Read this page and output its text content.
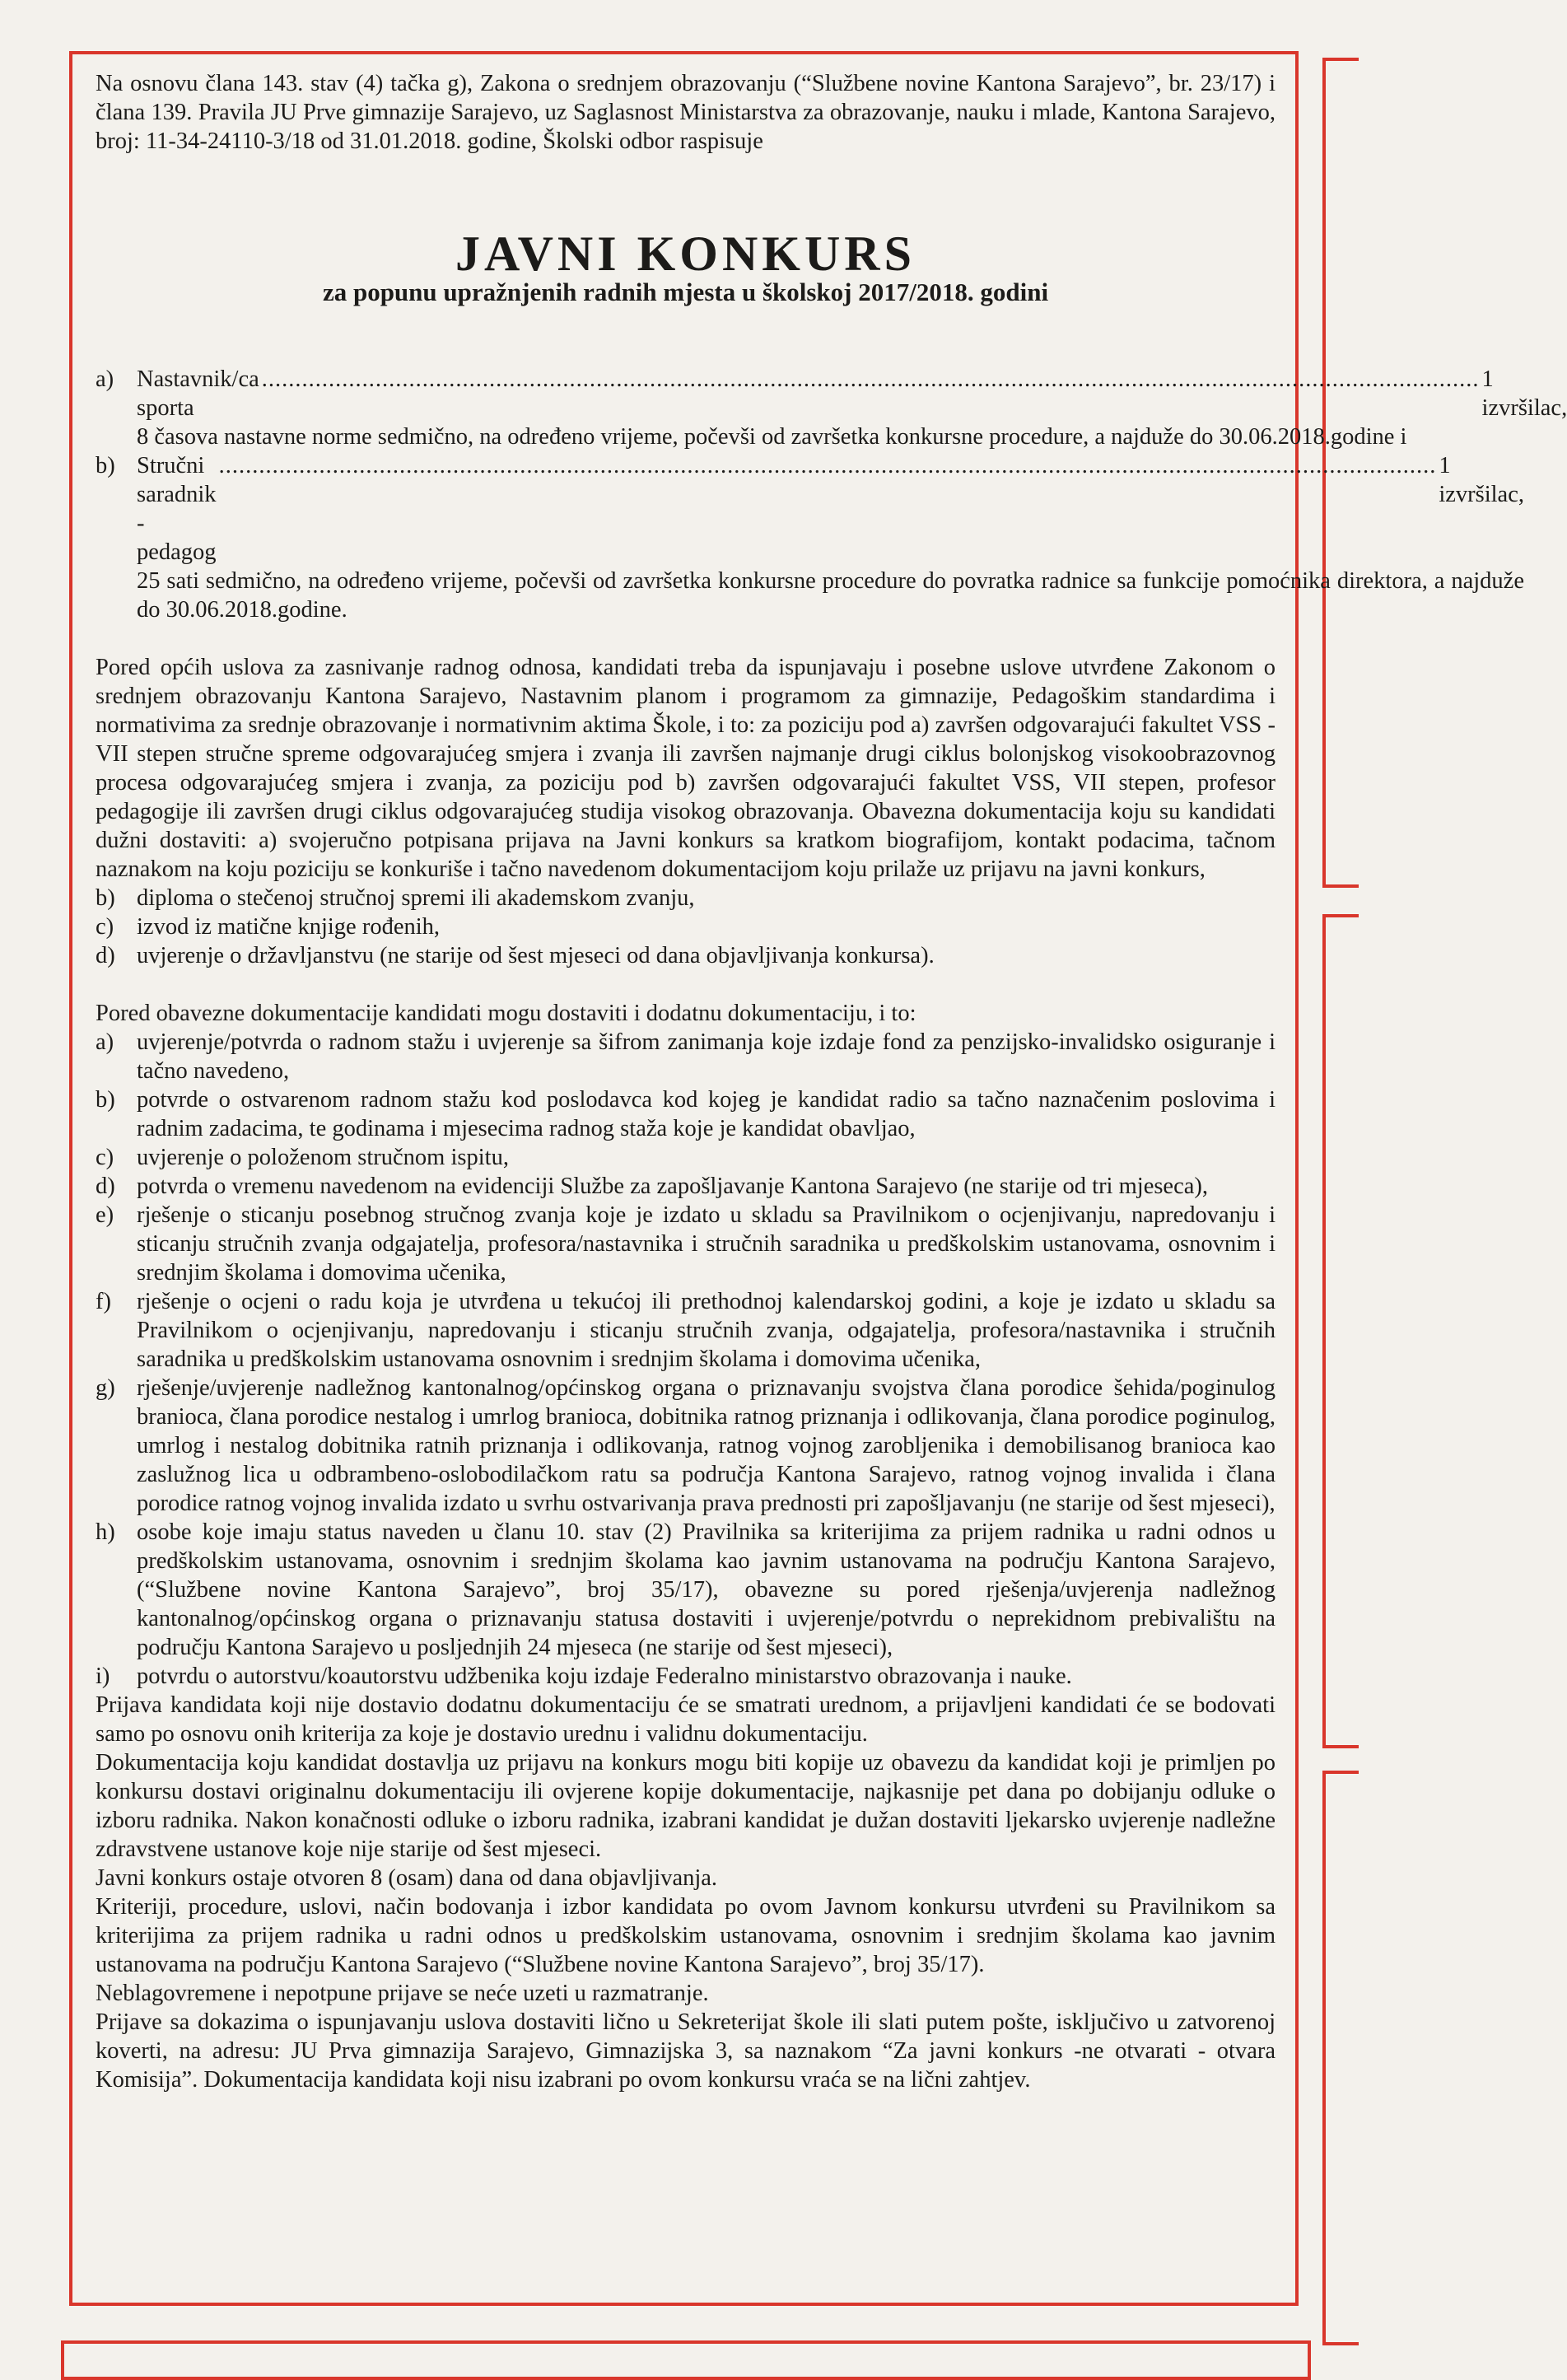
Na osnovu člana 143. stav (4) tačka g), Zakona o srednjem obrazovanju (“Službene novine Kantona Sarajevo”, br. 23/17) i člana 139. Pravila JU Prve gimnazije Sarajevo, uz Saglasnost Ministarstva za obrazovanje, nauku i mlade, Kantona Sarajevo, broj: 11-34-24110-3/18 od 31.01.2018. godine, Školski odbor raspisuje

JAVNI KONKURS
za popunu upražnjenih radnih mjesta u školskoj 2017/2018. godini
a) Nastavnik/ca sporta
...................................................................................................................................................................................... 1 izvršilac,
8 časova nastavne norme sedmično, na određeno vrijeme, počevši od završetka konkursne procedure, a najduže do 30.06.2018.godine i
b) Stručni saradnik - pedagog
...................................................................................................................................................................................... 1 izvršilac,
25 sati sedmično, na određeno vrijeme, počevši od završetka konkursne procedure do povratka radnice sa funkcije pomoćnika direktora, a najduže do 30.06.2018.godine.

Pored općih uslova za zasnivanje radnog odnosa, kandidati treba da ispunjavaju i posebne uslove utvrđene Zakonom o srednjem obrazovanju Kantona Sarajevo, Nastavnim planom i programom za gimnazije, Pedagoškim standardima i normativima za srednje obrazovanje i normativnim aktima Škole, i to: za poziciju pod a) završen odgovarajući fakultet VSS - VII stepen stručne spreme odgovarajućeg smjera i zvanja ili završen najmanje drugi ciklus bolonjskog visokoobrazovnog procesa odgovarajućeg smjera i zvanja, za poziciju pod b) završen odgovarajući fakultet VSS, VII stepen, profesor pedagogije ili završen drugi ciklus odgovarajućeg studija visokog obrazovanja. Obavezna dokumentacija koju su kandidati dužni dostaviti: a) svojeručno potpisana prijava na Javni konkurs sa kratkom biografijom, kontakt podacima, tačnom naznakom na koju poziciju se konkuriše i tačno navedenom dokumentacijom koju prilaže uz prijavu na javni konkurs,

b) diploma o stečenoj stručnoj spremi ili akademskom zvanju,
c) izvod iz matične knjige rođenih,
d) uvjerenje o državljanstvu (ne starije od šest mjeseci od dana objavljivanja konkursa).

Pored obavezne dokumentacije kandidati mogu dostaviti i dodatnu dokumentaciju, i to:

a) uvjerenje/potvrda o radnom stažu i uvjerenje sa šifrom zanimanja koje izdaje fond za penzijsko-invalidsko osiguranje i tačno navedeno,
b) potvrde o ostvarenom radnom stažu kod poslodavca kod kojeg je kandidat radio sa tačno naznačenim poslovima i radnim zadacima, te godinama i mjesecima radnog staža koje je kandidat obavljao,
c) uvjerenje o položenom stručnom ispitu,
d) potvrda o vremenu navedenom na evidenciji Službe za zapošljavanje Kantona Sarajevo (ne starije od tri mjeseca),
e) rješenje o sticanju posebnog stručnog zvanja koje je izdato u skladu sa Pravilnikom o ocjenjivanju, napredovanju i sticanju stručnih zvanja odgajatelja, profesora/nastavnika i stručnih saradnika u predškolskim ustanovama, osnovnim i srednjim školama i domovima učenika,
f)	rješenje o ocjeni o radu koja je utvrđena u tekućoj ili prethodnoj kalendarskoj godini, a koje je izdato u skladu sa Pravilnikom o ocjenjivanju, napredovanju i sticanju stručnih zvanja, odgajatelja, profesora/nastavnika i stručnih saradnika u predškolskim ustanovama osnovnim i srednjim školama i domovima učenika,
g) rješenje/uvjerenje nadležnog kantonalnog/općinskog organa o priznavanju svojstva člana porodice šehida/poginulog branioca, člana porodice nestalog i umrlog branioca, dobitnika ratnog priznanja i odlikovanja, člana porodice poginulog, umrlog i nestalog dobitnika ratnih priznanja i odlikovanja, ratnog vojnog zarobljenika i demobilisanog branioca kao zaslužnog lica u odbrambeno-oslobodilačkom ratu sa područja Kantona Sarajevo, ratnog vojnog invalida i člana porodice ratnog vojnog invalida izdato u svrhu ostvarivanja prava prednosti pri zapošljavanju (ne starije od šest mjeseci),
h) osobe koje imaju status naveden u članu 10. stav (2) Pravilnika sa kriterijima za prijem radnika u radni odnos u predškolskim ustanovama, osnovnim i srednjim školama kao javnim ustanovama na području Kantona Sarajevo, (“Službene novine Kantona Sarajevo”, broj 35/17), obavezne su pored rješenja/uvjerenja nadležnog kantonalnog/općinskog organa o priznavanju statusa dostaviti i uvjerenje/potvrdu o neprekidnom prebivalištu na području Kantona Sarajevo u posljednjih 24 mjeseca (ne starije od šest mjeseci),
i)	potvrdu o autorstvu/koautorstvu udžbenika koju izdaje Federalno ministarstvo obrazovanja i nauke.

Prijava kandidata koji nije dostavio dodatnu dokumentaciju će se smatrati urednom, a prijavljeni kandidati će se bodovati samo po osnovu onih kriterija za koje je dostavio urednu i validnu dokumentaciju.

Dokumentacija koju kandidat dostavlja uz prijavu na konkurs mogu biti kopije uz obavezu da kandidat koji je primljen po konkursu dostavi originalnu dokumentaciju ili ovjerene kopije dokumentacije, najkasnije pet dana po dobijanju odluke o izboru radnika. Nakon konačnosti odluke o izboru radnika, izabrani kandidat je dužan dostaviti ljekarsko uvjerenje nadležne zdravstvene ustanove koje nije starije od šest mjeseci.

Javni konkurs ostaje otvoren 8 (osam) dana od dana objavljivanja.

Kriteriji, procedure, uslovi, način bodovanja i izbor kandidata po ovom Javnom konkursu utvrđeni su Pravilnikom sa kriterijima za prijem radnika u radni odnos u predškolskim ustanovama, osnovnim i srednjim školama kao javnim ustanovama na području Kantona Sarajevo (“Službene novine Kantona Sarajevo”, broj 35/17).

Neblagovremene i nepotpune prijave se neće uzeti u razmatranje.

Prijave sa dokazima o ispunjavanju uslova dostaviti lično u Sekreterijat škole ili slati putem pošte, isključivo u zatvorenoj koverti, na adresu: JU Prva gimnazija Sarajevo, Gimnazijska 3, sa naznakom “Za javni konkurs -ne otvarati - otvara Komisija”. Dokumentacija kandidata koji nisu izabrani po ovom konkursu vraća se na lični zahtjev.
